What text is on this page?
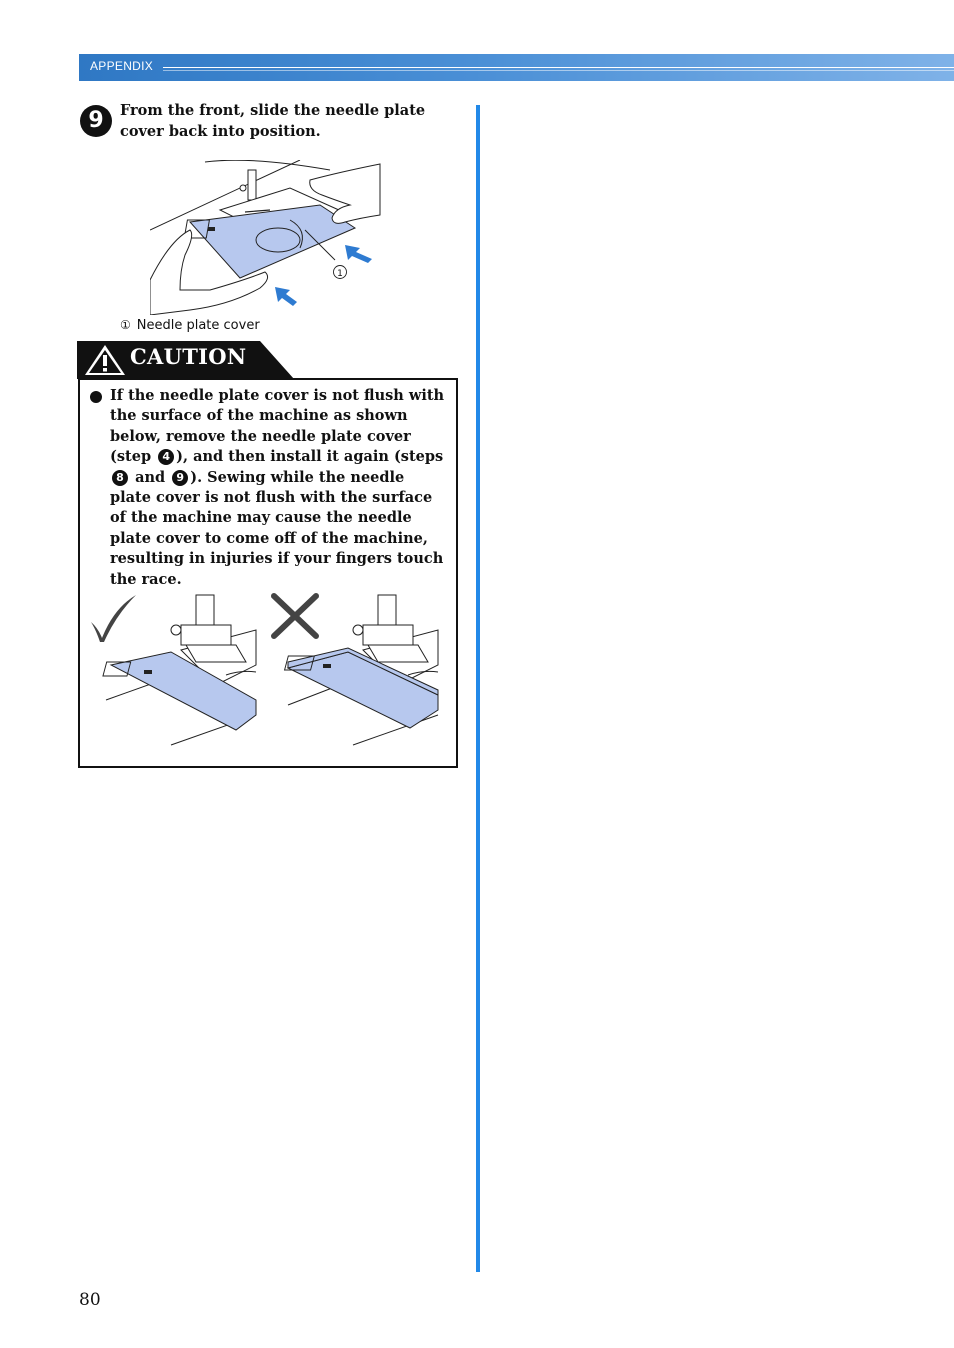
APPENDIX
9	From the front, slide the needle plate cover back into position.
1
① Needle plate cover
CAUTION
If the needle plate cover is not flush with the surface of the machine as shown below, remove the needle plate cover (step 4 ), and then install it again (steps 8 and 9 ). Sewing while the needle plate cover is not flush with the surface of the machine may cause the needle plate cover to come off of the machine, resulting in injuries if your fingers touch the race.
80
